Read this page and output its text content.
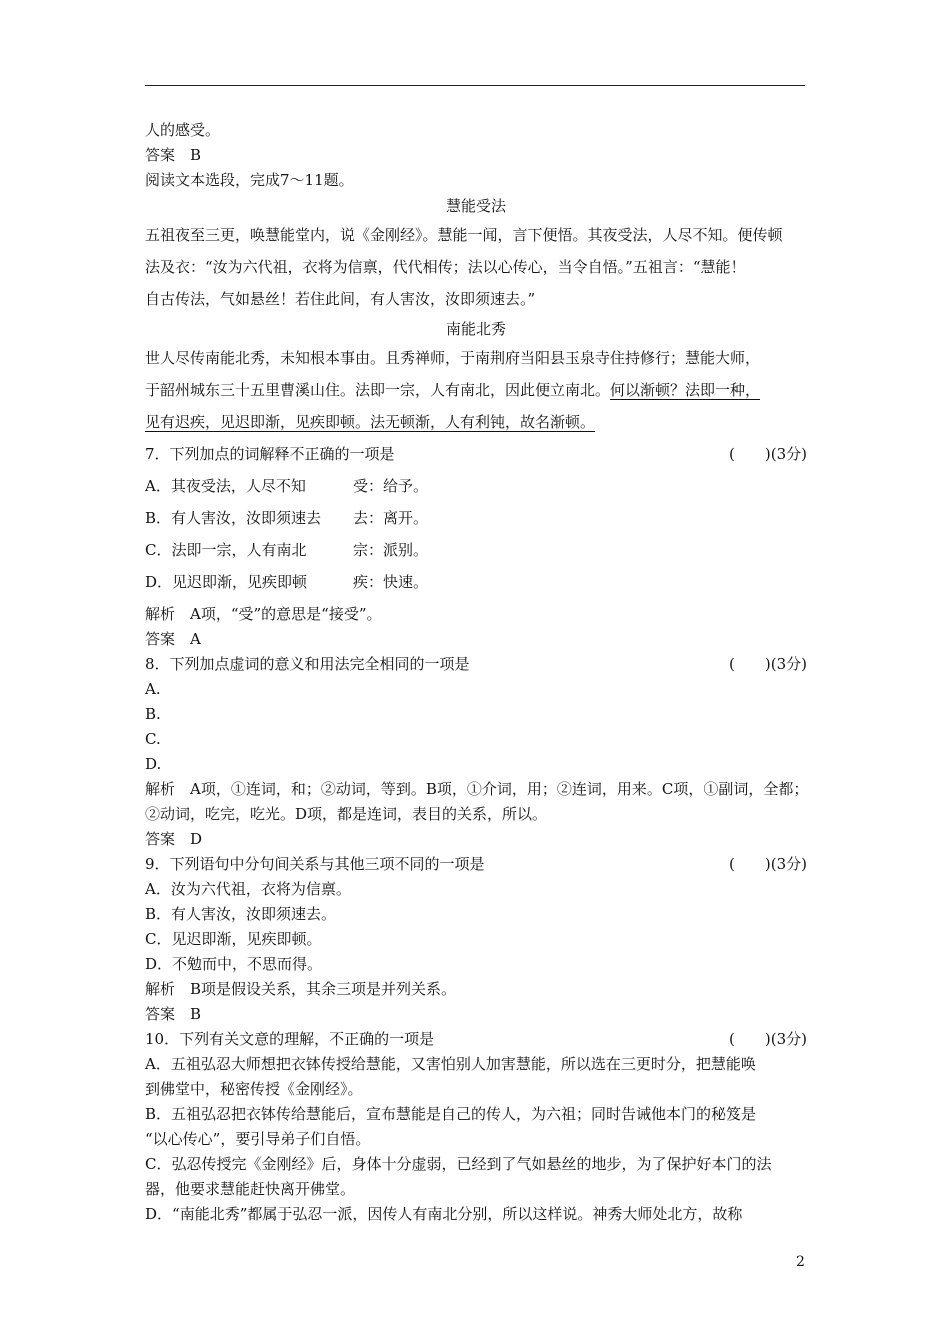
人的感受。
答案　B
阅读文本选段，完成7～11题。
慧能受法
五祖夜至三更，唤慧能堂内，说《金刚经》。慧能一闻，言下便悟。其夜受法，人尽不知。便传顿
法及衣：“汝为六代祖，衣将为信禀，代代相传；法以心传心，当令自悟。”五祖言：“慧能！
自古传法，气如悬丝！若住此间，有人害汝，汝即须速去。”
南能北秀
世人尽传南能北秀，未知根本事由。且秀禅师，于南荆府当阳县玉泉寺住持修行；慧能大师，
于韶州城东三十五里曹溪山住。法即一宗，人有南北，因此便立南北。何以渐顿？法即一种，
见有迟疾，见迟即渐，见疾即顿。法无顿渐，人有利钝，故名渐顿。
7．下列加点的词解释不正确的一项是	(　　)(3分)
A．其夜受法，人尽不知	受：给予。
B．有人害汝，汝即须速去 去：离开。
C．法即一宗，人有南北	宗：派别。
D．见迟即渐，见疾即顿	疾：快速。
解析　A项，“受”的意思是“接受”。
答案　A
8．下列加点虚词的意义和用法完全相同的一项是	(　　)(3分)
A.
B.
C.
D.
解析　A项，①连词，和；②动词，等到。B项，①介词，用；②连词，用来。C项，①副词，全都；
②动词，吃完，吃光。D项，都是连词，表目的关系，所以。
答案　D
9．下列语句中分句间关系与其他三项不同的一项是	(　　)(3分)
A．汝为六代祖，衣将为信禀。
B．有人害汝，汝即须速去。
C．见迟即渐，见疾即顿。
D．不勉而中，不思而得。
解析　B项是假设关系，其余三项是并列关系。
答案　B
10．下列有关文意的理解，不正确的一项是	(　　)(3分)
A．五祖弘忍大师想把衣钵传授给慧能，又害怕别人加害慧能，所以选在三更时分，把慧能唤
到佛堂中，秘密传授《金刚经》。
B．五祖弘忍把衣钵传给慧能后，宣布慧能是自己的传人，为六祖；同时告诫他本门的秘笈是
“以心传心”，要引导弟子们自悟。
C．弘忍传授完《金刚经》后，身体十分虚弱，已经到了气如悬丝的地步，为了保护好本门的法
器，他要求慧能赶快离开佛堂。
D．“南能北秀”都属于弘忍一派，因传人有南北分别，所以这样说。神秀大师处北方，故称
2
